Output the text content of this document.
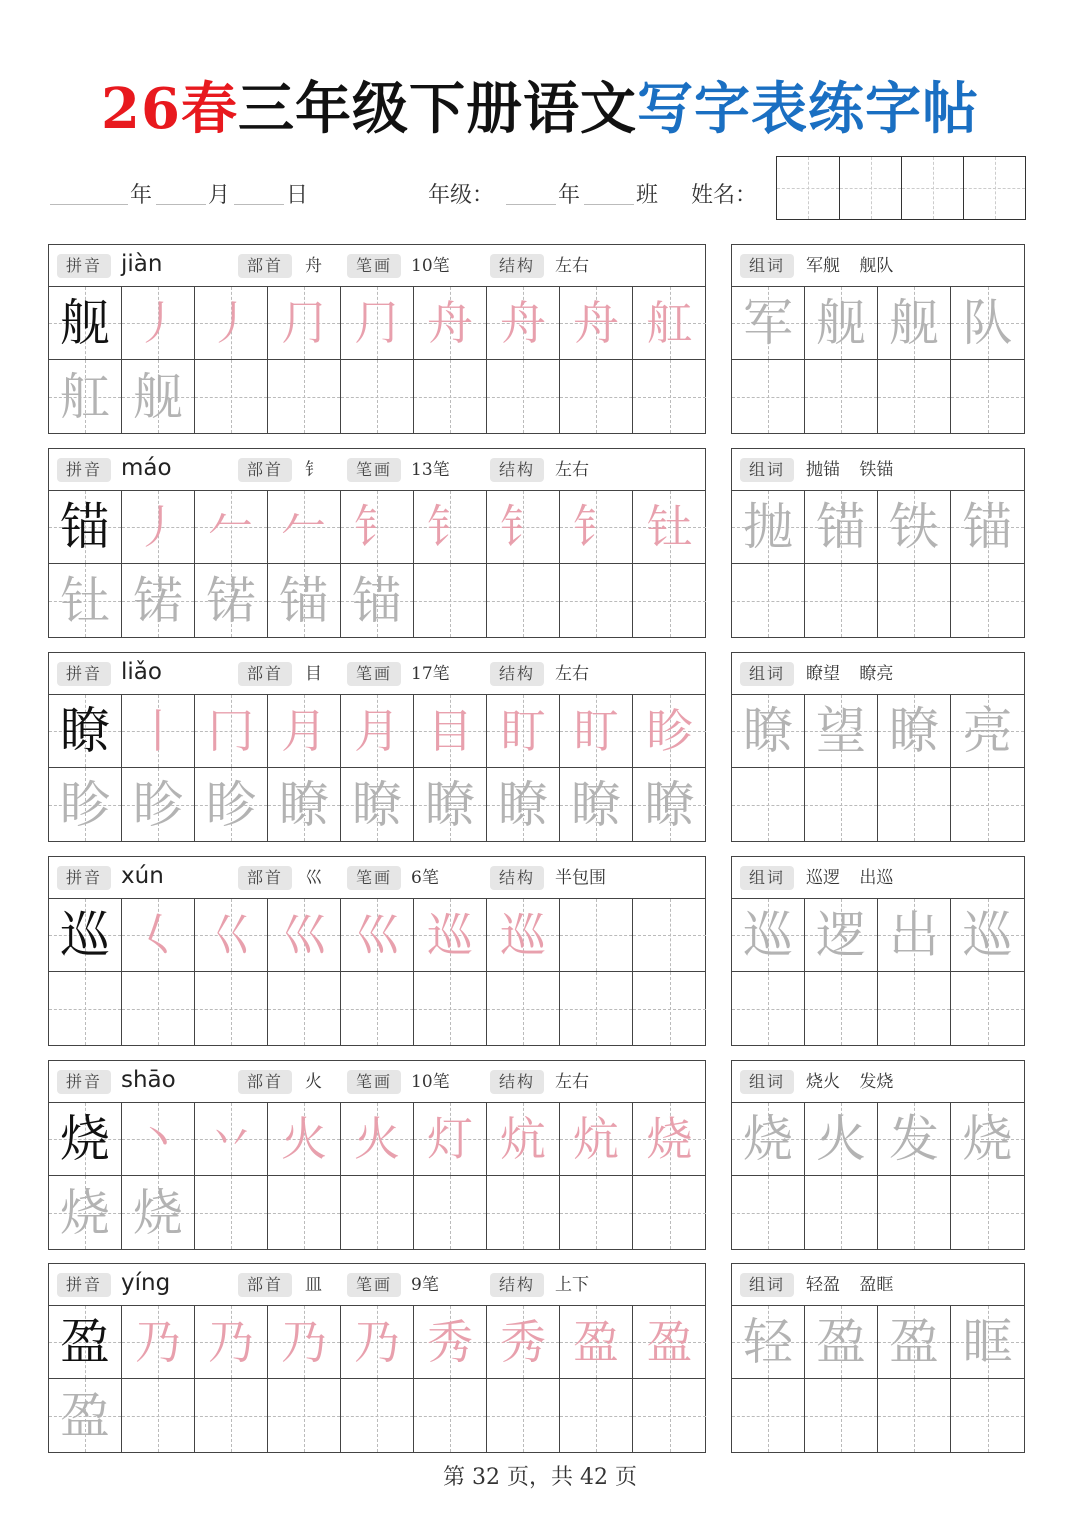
26春三年级下册语文写字表练字帖
年	月	日	年级：	年	班 姓名：
拼音 jiàn	部首	舟	笔画	10笔	结构	左右
舰 丿 丿 ⺆ ⺆ 舟 舟 舟 舡
舡 舰
组词	军舰 舰队
军 舰 舰 队
拼音 máo	部首	钅	笔画	13笔	结构	左右
锚 丿 𠂉 𠂉 钅 钅 钅 钅 钍
钍 锘 锘 锚 锚
组词	抛锚 铁锚
抛 锚 铁 锚
拼音 liǎo	部首	目	笔画	17笔	结构	左右
瞭 丨 冂 月 月 目 盯 盯 眕
眕 眕 眕 瞭 瞭 瞭 瞭 瞭 瞭
组词	瞭望 瞭亮
瞭 望 瞭 亮
拼音 xún	部首	巛	笔画	6笔	结构	半包围
巡 𡿨 巜 巛 巛 巡 巡
组词	巡逻 出巡
巡 逻 出 巡
拼音 shāo	部首	火	笔画	10笔	结构	左右
烧 丶 丷 火 火 灯 炕 炕 烧
烧 烧
组词	烧火 发烧
烧 火 发 烧
拼音 yíng	部首	皿	笔画	9笔	结构	上下
盈 乃 乃 乃 乃 秀 秀 盈 盈
盈
组词	轻盈 盈眶
轻 盈 盈 眶
第 32 页，共 42 页
